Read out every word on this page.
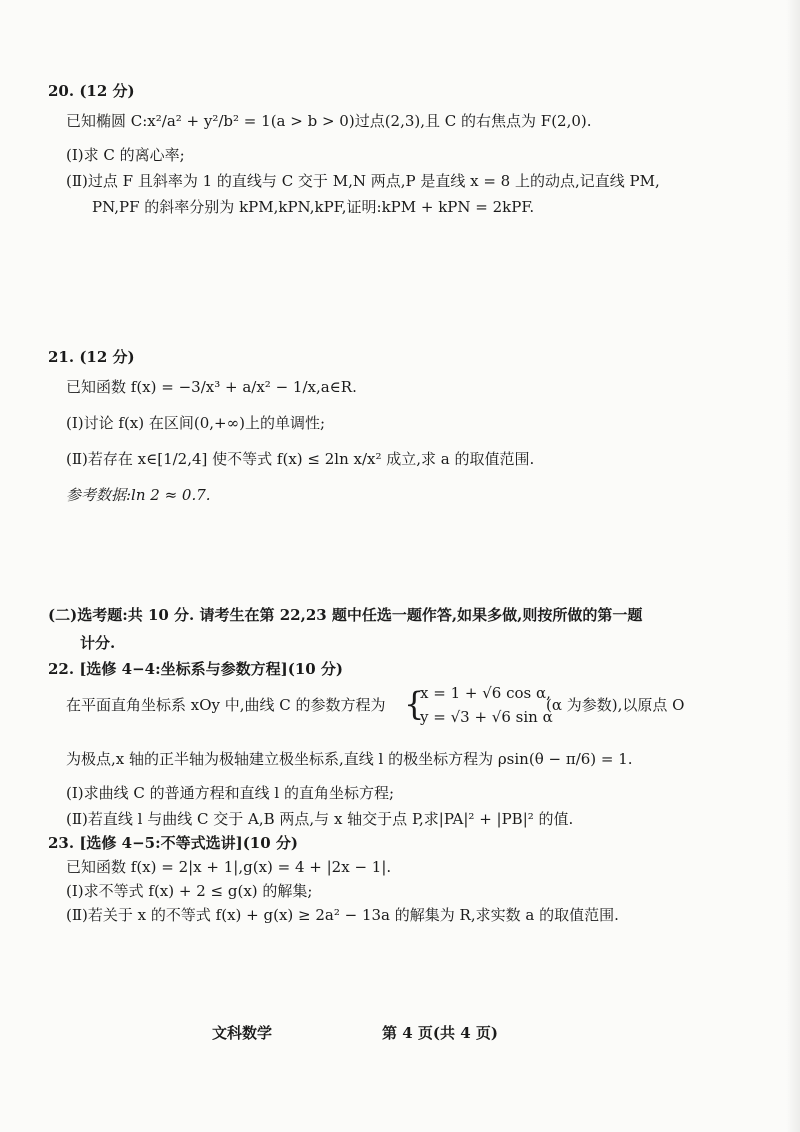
20. (12 分)
已知椭圆 C:x²/a² + y²/b² = 1(a > b > 0)过点(2,3),且 C 的右焦点为 F(2,0).
(Ⅰ)求 C 的离心率;
(Ⅱ)过点 F 且斜率为 1 的直线与 C 交于 M,N 两点,P 是直线 x = 8 上的动点,记直线 PM,
PN,PF 的斜率分别为 kPM,kPN,kPF,证明:kPM + kPN = 2kPF.
21. (12 分)
已知函数 f(x) = −3/x³ + a/x² − 1/x,a∈R.
(Ⅰ)讨论 f(x) 在区间(0,+∞)上的单调性;
(Ⅱ)若存在 x∈[1/2,4] 使不等式 f(x) ≤ 2ln x/x² 成立,求 a 的取值范围.
参考数据:ln 2 ≈ 0.7.
(二)选考题:共 10 分. 请考生在第 22,23 题中任选一题作答,如果多做,则按所做的第一题
计分.
22. [选修 4−4:坐标系与参数方程](10 分)
在平面直角坐标系 xOy 中,曲线 C 的参数方程为 {
x = 1 + √6 cos α,
y = √3 + √6 sin α
(α 为参数),以原点 O
为极点,x 轴的正半轴为极轴建立极坐标系,直线 l 的极坐标方程为 ρsin(θ − π/6) = 1.
(Ⅰ)求曲线 C 的普通方程和直线 l 的直角坐标方程;
(Ⅱ)若直线 l 与曲线 C 交于 A,B 两点,与 x 轴交于点 P,求|PA|² + |PB|² 的值.
23. [选修 4−5:不等式选讲](10 分)
已知函数 f(x) = 2|x + 1|,g(x) = 4 + |2x − 1|.
(Ⅰ)求不等式 f(x) + 2 ≤ g(x) 的解集;
(Ⅱ)若关于 x 的不等式 f(x) + g(x) ≥ 2a² − 13a 的解集为 R,求实数 a 的取值范围.
文科数学	第 4 页(共 4 页)
